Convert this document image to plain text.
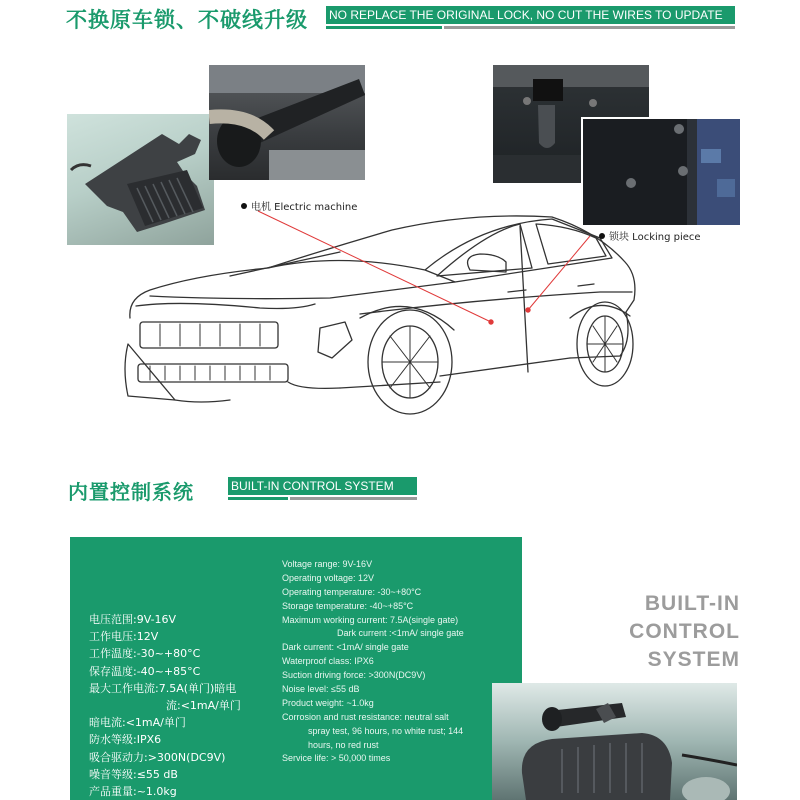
不换原车锁、不破线升级 NO REPLACE THE ORIGINAL LOCK, NO CUT THE WIRES TO UPDATE
电机 Electric machine
锁块 Locking piece
内置控制系统	BUILT-IN CONTROL SYSTEM
电压范围:9V-16V
工作电压:12V
工作温度:-30~+80°C
保存温度:-40~+85°C
最大工作电流:7.5A(单门)暗电
流:<1mA/单门
暗电流:<1mA/单门
防水等级:IPX6
吸合驱动力:>300N(DC9V)
噪音等级:≤55 dB
产品重量:~1.0kg
Voltage range: 9V-16V
Operating voltage: 12V
Operating temperature: -30~+80°C
Storage temperature: -40~+85°C
Maximum working current: 7.5A(single gate)
Dark current :<1mA/ single gate
Dark current: <1mA/ single gate
Waterproof class: IPX6
Suction driving force: >300N(DC9V)
Noise level: ≤55 dB
Product weight: ~1.0kg
Corrosion and rust resistance: neutral salt
spray test, 96 hours, no white rust; 144
hours, no red rust
Service life: > 50,000 times
BUILT-IN
CONTROL
SYSTEM
